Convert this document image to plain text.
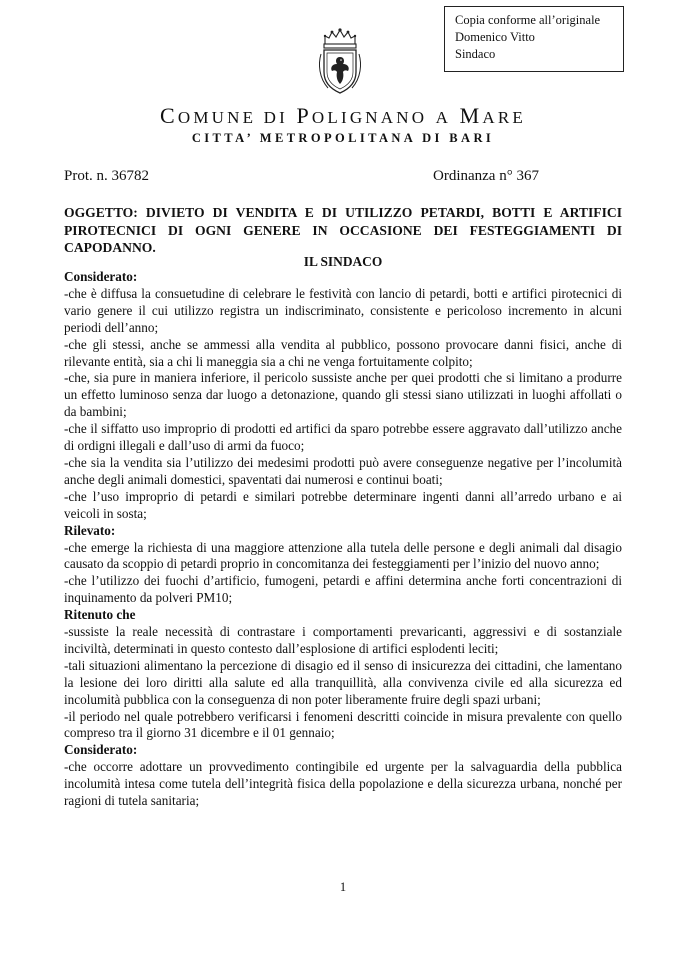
Copia conforme all’originale
Domenico Vitto
Sindaco
COMUNE DI POLIGNANO A MARE
CITTA’ METROPOLITANA DI BARI
Prot. n. 36782	Ordinanza n° 367
OGGETTO: DIVIETO DI VENDITA E DI UTILIZZO PETARDI, BOTTI E ARTIFICI PIROTECNICI DI OGNI GENERE IN OCCASIONE DEI FESTEGGIAMENTI DI CAPODANNO.
IL SINDACO
Considerato:
-che è diffusa la consuetudine di celebrare le festività con lancio di petardi, botti e artifici pirotecnici di vario genere il cui utilizzo registra un indiscriminato, consistente e pericoloso incremento in alcuni periodi dell’anno;
-che gli stessi, anche se ammessi alla vendita al pubblico, possono provocare danni fisici, anche di rilevante entità, sia a chi li maneggia sia a chi ne venga fortuitamente colpito;
-che, sia pure in maniera inferiore, il pericolo sussiste anche per quei prodotti che si limitano a produrre un effetto luminoso senza dar luogo a detonazione, quando gli stessi siano utilizzati in luoghi affollati o da bambini;
-che il siffatto uso improprio di prodotti ed artifici da sparo potrebbe essere aggravato dall’utilizzo anche di ordigni illegali e dall’uso di armi da fuoco;
-che sia la vendita sia l’utilizzo dei medesimi prodotti può avere conseguenze negative per l’incolumità anche degli animali domestici, spaventati dai numerosi e continui boati;
-che l’uso improprio di petardi e similari potrebbe determinare ingenti danni all’arredo urbano e ai veicoli in sosta;
Rilevato:
-che emerge la richiesta di una maggiore attenzione alla tutela delle persone e degli animali dal disagio causato da scoppio di petardi proprio in concomitanza dei festeggiamenti per l’inizio del nuovo anno;
-che l’utilizzo dei fuochi d’artificio, fumogeni, petardi e affini determina anche forti concentrazioni di inquinamento da polveri PM10;
Ritenuto che
-sussiste la reale necessità di contrastare i comportamenti prevaricanti, aggressivi e di sostanziale inciviltà, determinati in questo contesto dall’esplosione di artifici esplodenti leciti;
-tali situazioni alimentano la percezione di disagio ed il senso di insicurezza dei cittadini, che lamentano la lesione dei loro diritti alla salute ed alla tranquillità, alla convivenza civile ed alla sicurezza ed incolumità pubblica con la conseguenza di non poter liberamente fruire degli spazi urbani;
-il periodo nel quale potrebbero verificarsi i fenomeni descritti coincide in misura prevalente con quello compreso tra il giorno 31 dicembre e il 01 gennaio;
Considerato:
-che occorre adottare un provvedimento contingibile ed urgente per la salvaguardia della pubblica incolumità intesa come tutela dell’integrità fisica della popolazione e della sicurezza urbana, nonché per ragioni di tutela sanitaria;
1
